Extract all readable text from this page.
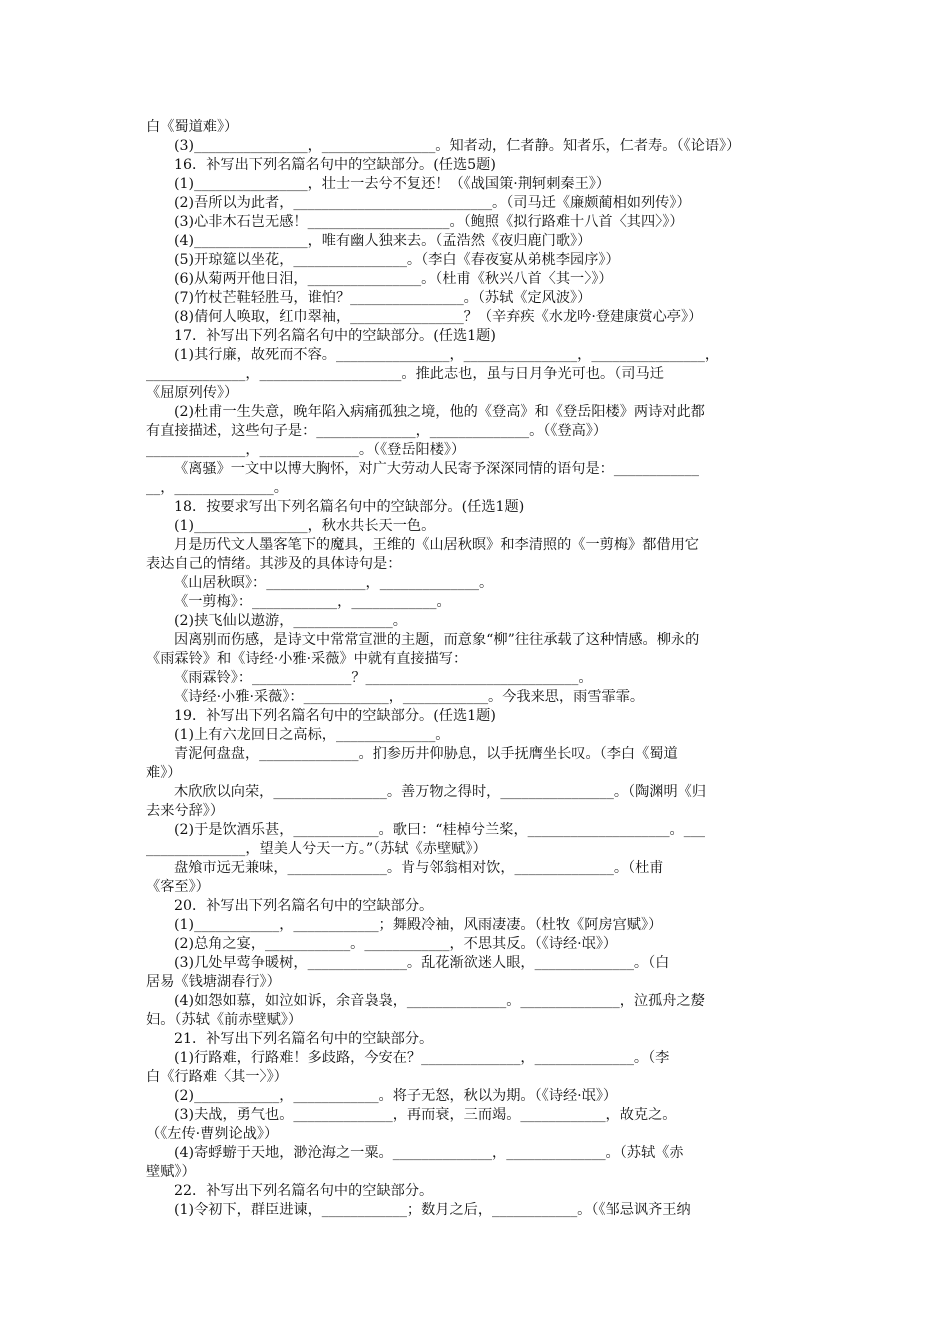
白《蜀道难》）
(3)________________，________________。知者动，仁者静。知者乐，仁者寿。（《论语》）
16．补写出下列名篇名句中的空缺部分。(任选5题)
(1)________________，壮士一去兮不复还！（《战国策·荆轲刺秦王》）
(2)吾所以为此者，____________________________。（司马迁《廉颇蔺相如列传》）
(3)心非木石岂无感！____________________。（鲍照《拟行路难十八首〈其四〉》）
(4)________________，唯有幽人独来去。（孟浩然《夜归鹿门歌》）
(5)开琼筵以坐花，________________。（李白《春夜宴从弟桃李园序》）
(6)从菊两开他日泪，________________。（杜甫《秋兴八首〈其一〉》）
(7)竹杖芒鞋轻胜马，谁怕？________________。（苏轼《定风波》）
(8)倩何人唤取，红巾翠袖，________________？（辛弃疾《水龙吟·登建康赏心亭》）
17．补写出下列名篇名句中的空缺部分。(任选1题)
(1)其行廉，故死而不容。________________，________________，________________，
______________，____________________。推此志也，虽与日月争光可也。（司马迁
《屈原列传》）
(2)杜甫一生失意，晚年陷入病痛孤独之境，他的《登高》和《登岳阳楼》两诗对此都
有直接描述，这些句子是：______________，______________。（《登高》）
______________，______________。（《登岳阳楼》）
《离骚》一文中以博大胸怀，对广大劳动人民寄予深深同情的语句是：____________
__，______________。
18．按要求写出下列名篇名句中的空缺部分。(任选1题)
(1)________________，秋水共长天一色。
月是历代文人墨客笔下的魔具，王维的《山居秋暝》和李清照的《一剪梅》都借用它
表达自己的情绪。其涉及的具体诗句是：
《山居秋暝》：______________，______________。
《一剪梅》：____________，____________。
(2)挟飞仙以遨游，______________。
因离别而伤感，是诗文中常常宣泄的主题，而意象“柳”往往承载了这种情感。柳永的
《雨霖铃》和《诗经·小雅·采薇》中就有直接描写：
《雨霖铃》：______________？______________________________。
《诗经·小雅·采薇》：____________，____________。今我来思，雨雪霏霏。
19．补写出下列名篇名句中的空缺部分。(任选1题)
(1)上有六龙回日之高标，______________。
青泥何盘盘，______________。扪参历井仰胁息，以手抚膺坐长叹。（李白《蜀道
难》）
木欣欣以向荣，________________。善万物之得时，________________。（陶渊明《归
去来兮辞》）
(2)于是饮酒乐甚，____________。歌曰：“桂棹兮兰桨，____________________。___
______________，望美人兮天一方。”（苏轼《赤壁赋》）
盘飧市远无兼味，______________。肯与邻翁相对饮，______________。（杜甫
《客至》）
20．补写出下列名篇名句中的空缺部分。
(1)____________，____________；舞殿冷袖，风雨凄凄。（杜牧《阿房宫赋》）
(2)总角之宴，____________。____________，不思其反。（《诗经·氓》）
(3)几处早莺争暖树，______________。乱花渐欲迷人眼，______________。（白
居易《钱塘湖春行》）
(4)如怨如慕，如泣如诉，余音袅袅，______________。______________，泣孤舟之嫠
妇。（苏轼《前赤壁赋》）
21．补写出下列名篇名句中的空缺部分。
(1)行路难，行路难！多歧路，今安在？______________，______________。（李
白《行路难〈其一〉》）
(2)____________，____________。将子无怒，秋以为期。（《诗经·氓》）
(3)夫战，勇气也。______________，再而衰，三而竭。____________，故克之。
（《左传·曹刿论战》）
(4)寄蜉蝣于天地，渺沧海之一粟。______________，______________。（苏轼《赤
壁赋》）
22．补写出下列名篇名句中的空缺部分。
(1)令初下，群臣进谏，____________；数月之后，____________。（《邹忌讽齐王纳
